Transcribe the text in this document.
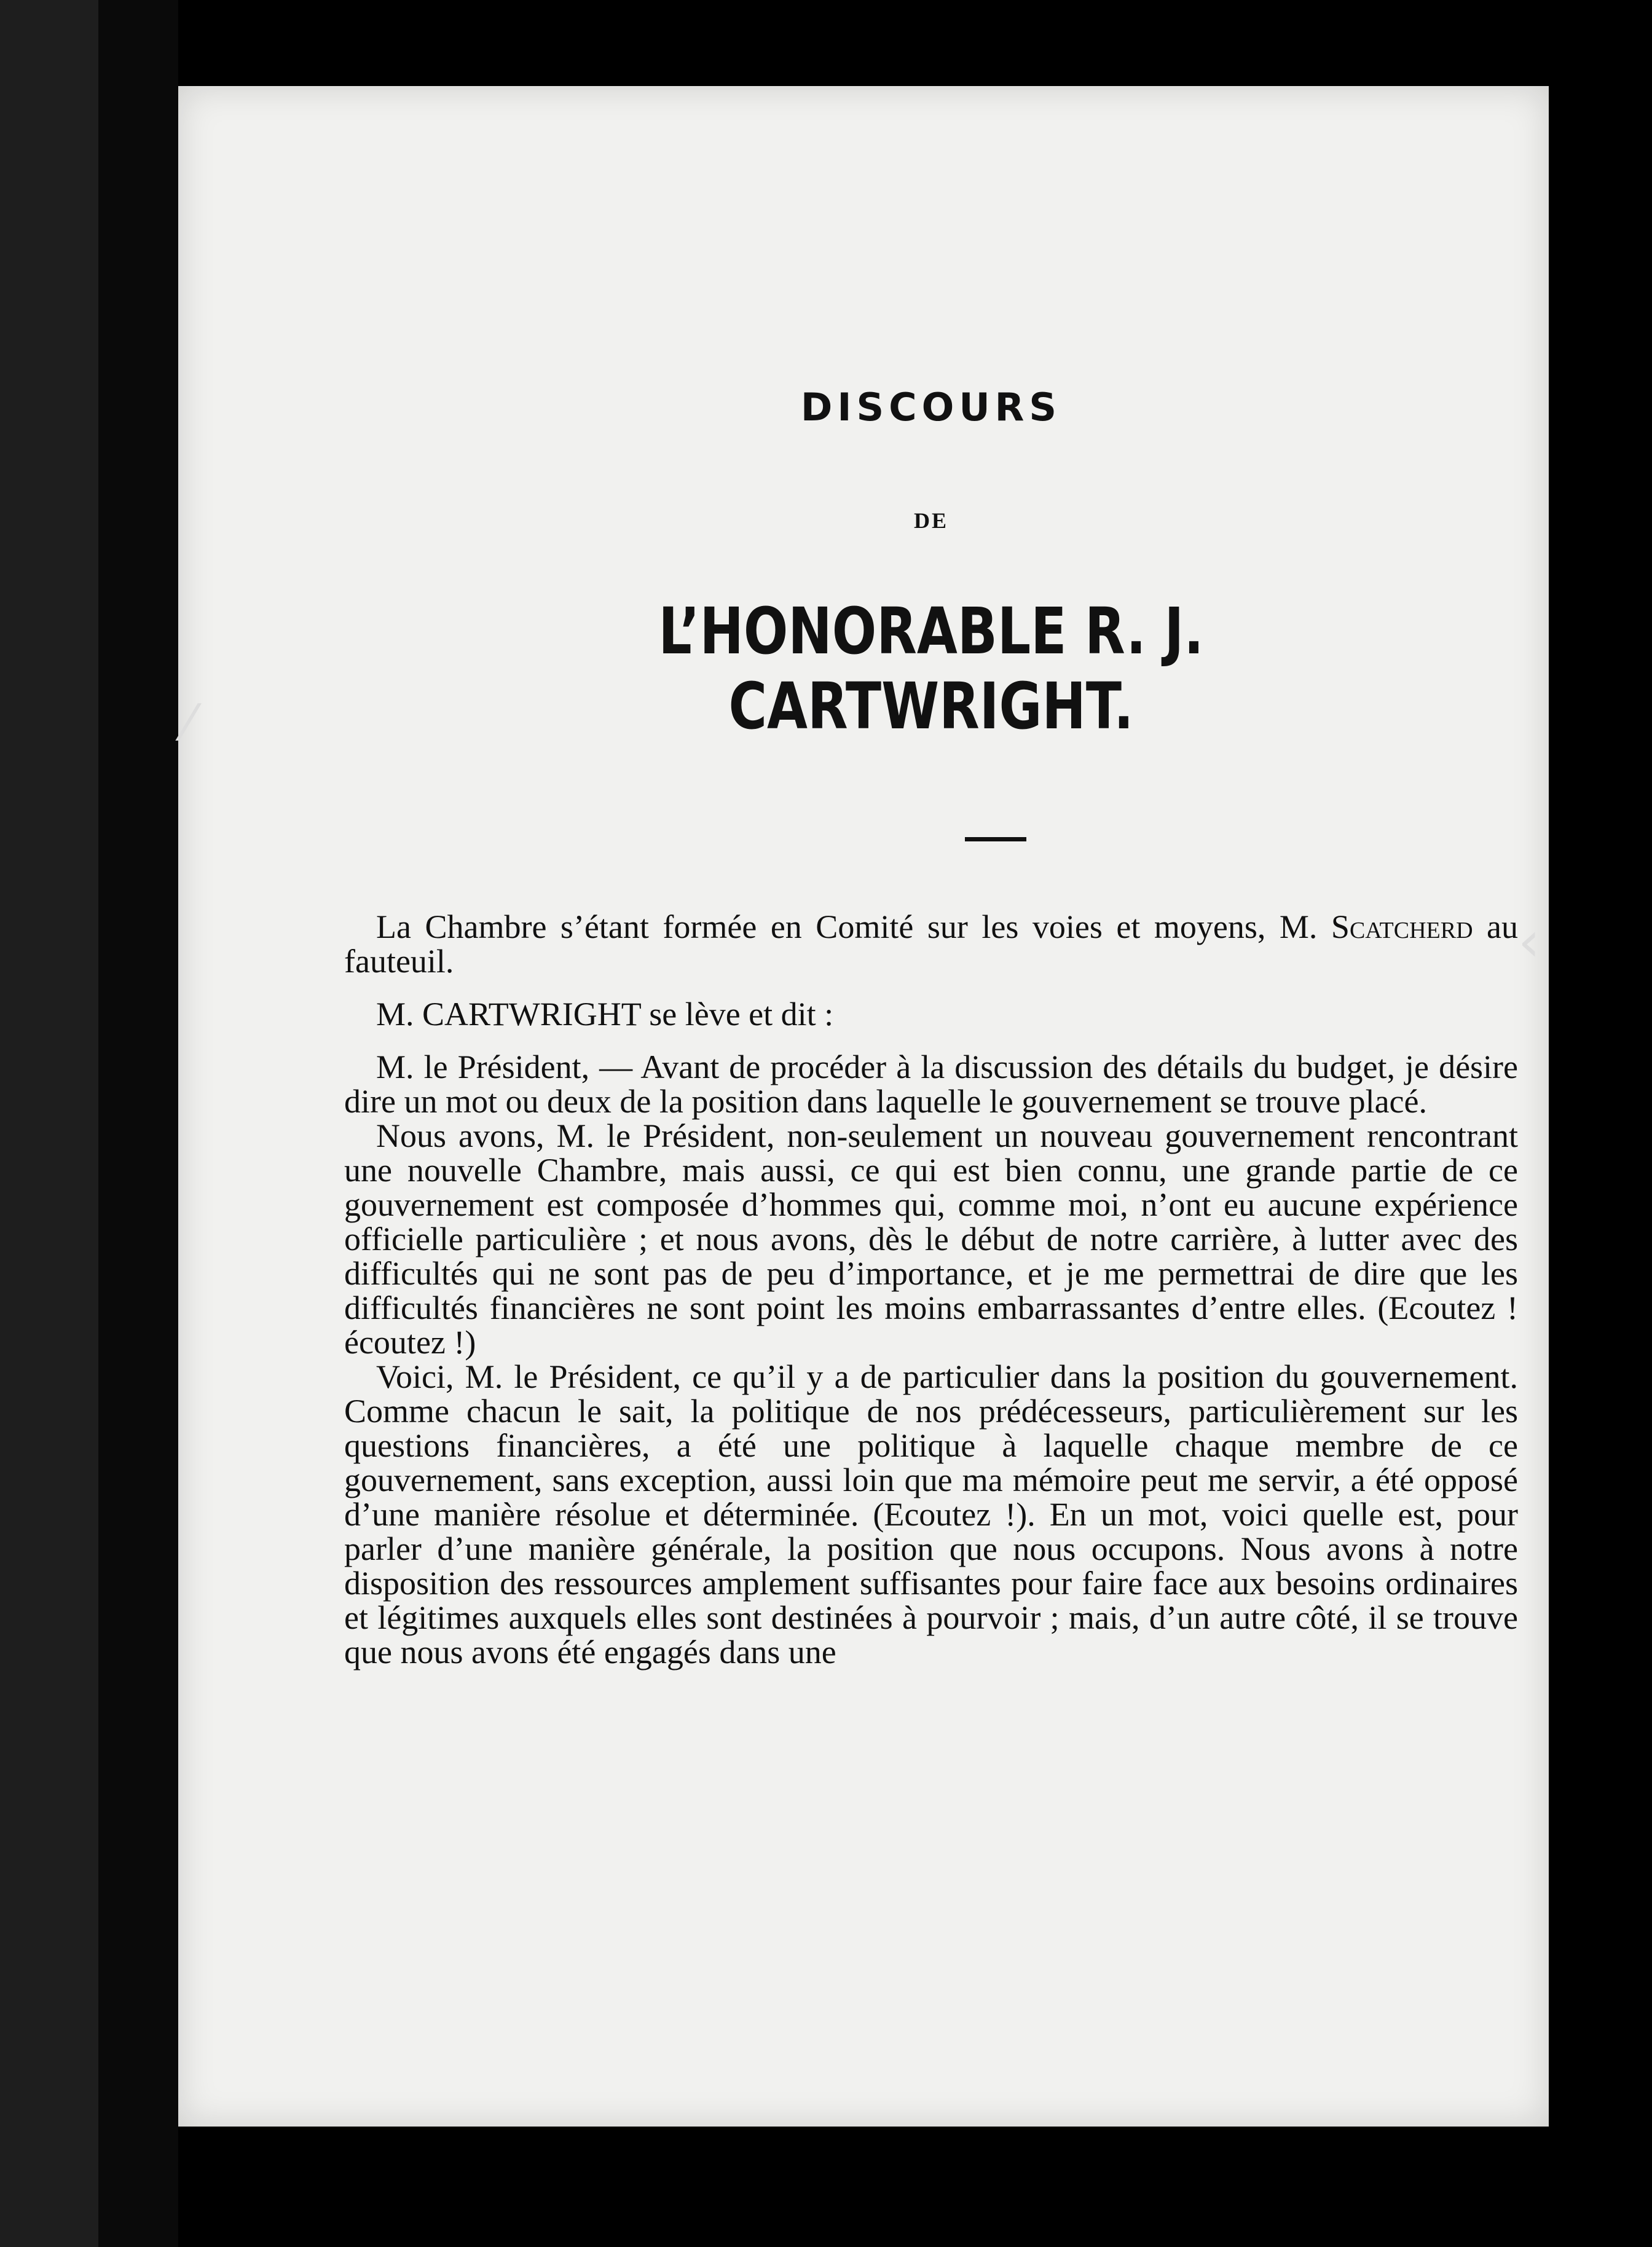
DISCOURS
DE
L’HONORABLE R. J. CARTWRIGHT.

La Chambre s’étant formée en Comité sur les voies et moyens, M. Scatcherd au fauteuil.

M. CARTWRIGHT se lève et dit :

M. le Président, — Avant de procéder à la discussion des détails du budget, je désire dire un mot ou deux de la position dans laquelle le gouvernement se trouve placé.

Nous avons, M. le Président, non-seulement un nouveau gouvernement rencontrant une nouvelle Chambre, mais aussi, ce qui est bien connu, une grande partie de ce gouvernement est composée d’hommes qui, comme moi, n’ont eu aucune expérience officielle particulière ; et nous avons, dès le début de notre carrière, à lutter avec des difficultés qui ne sont pas de peu d’importance, et je me permettrai de dire que les difficultés financières ne sont point les moins embarrassantes d’entre elles. (Ecoutez ! écoutez !)

Voici, M. le Président, ce qu’il y a de particulier dans la position du gouvernement. Comme chacun le sait, la politique de nos prédécesseurs, particulièrement sur les questions financières, a été une politique à laquelle chaque membre de ce gouvernement, sans exception, aussi loin que ma mémoire peut me servir, a été opposé d’une manière résolue et déterminée. (Ecoutez !). En un mot, voici quelle est, pour parler d’une manière générale, la position que nous occupons. Nous avons à notre disposition des ressources amplement suffisantes pour faire face aux besoins ordinaires et légitimes auxquels elles sont destinées à pourvoir ; mais, d’un autre côté, il se trouve que nous avons été engagés dans une

⁄
‹
